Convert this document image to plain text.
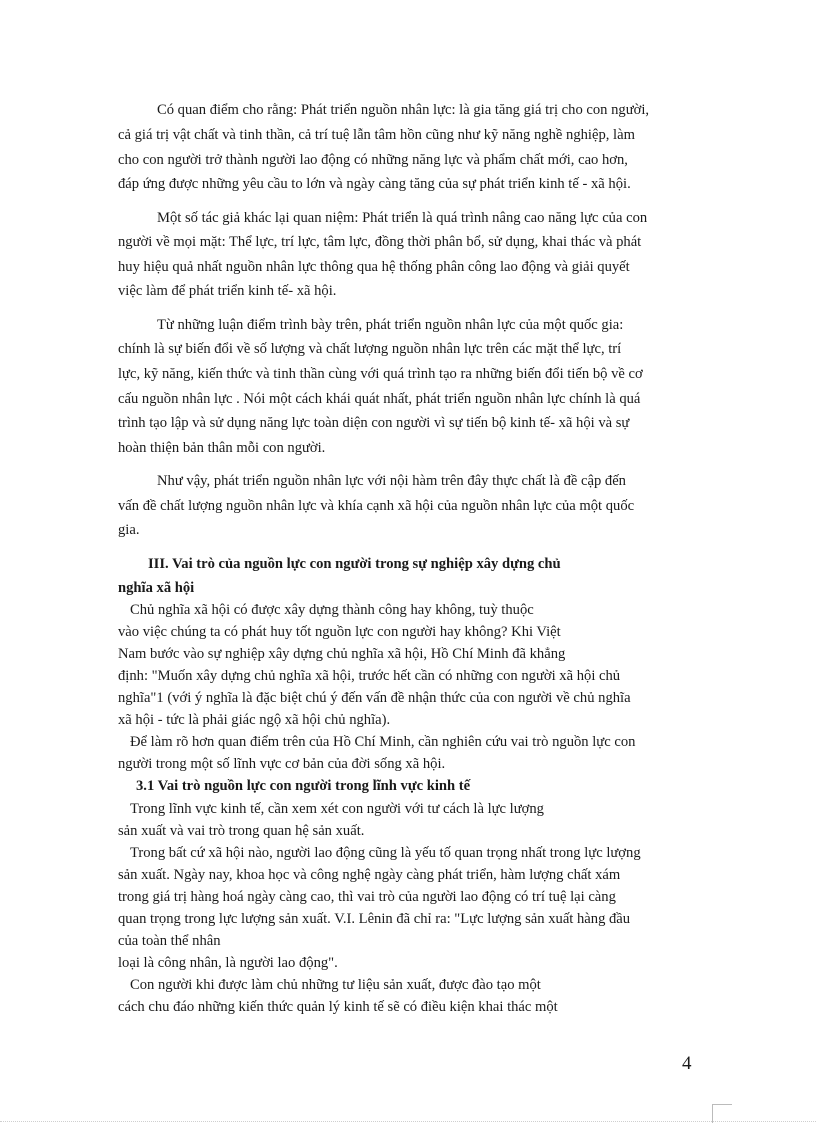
Có quan điểm cho rằng: Phát triển nguồn nhân lực: là gia tăng giá trị cho con người,

cả giá trị vật chất và tinh thần, cả trí tuệ lẫn tâm hồn cũng như kỹ năng nghề nghiệp, làm

cho con người trở thành người lao động có những năng lực và phẩm chất mới, cao hơn,

đáp ứng được những yêu cầu to lớn và ngày càng tăng của sự phát triển kinh tế - xã hội.

Một số tác giả khác lại quan niệm: Phát triển là quá trình nâng cao năng lực của con

người về mọi mặt: Thể lực, trí lực, tâm lực, đồng thời phân bổ, sử dụng, khai thác và phát

huy hiệu quả nhất nguồn nhân lực thông qua hệ thống phân công lao động và giải quyết

việc làm để phát triển kinh tế- xã hội.

Từ những luận điểm trình bày trên, phát triển nguồn nhân lực của một quốc gia:

chính là sự biến đổi về số lượng và chất lượng nguồn nhân lực trên các mặt thể lực, trí

lực, kỹ năng, kiến thức và tinh thần cùng với quá trình tạo ra những biến đổi tiến bộ về cơ

cấu nguồn nhân lực . Nói một cách khái quát nhất, phát triển nguồn nhân lực chính là quá

trình tạo lập và sử dụng năng lực toàn diện con người vì sự tiến bộ kinh tế- xã hội và sự

hoàn thiện bản thân mỗi con người.

Như vậy, phát triển nguồn nhân lực với nội hàm trên đây thực chất là đề cập đến

vấn đề chất lượng nguồn nhân lực và khía cạnh xã hội của nguồn nhân lực của một quốc

gia.

III. Vai trò của nguồn lực con người trong sự nghiệp xây dựng chủ

nghĩa xã hội

Chủ nghĩa xã hội có được xây dựng thành công hay không, tuỳ thuộc

vào việc chúng ta có phát huy tốt nguồn lực con người hay không? Khi Việt

Nam bước vào sự nghiệp xây dựng chủ nghĩa xã hội, Hồ Chí Minh đã khẳng

định: "Muốn xây dựng chủ nghĩa xã hội, trước hết cần có những con người xã hội chủ

nghĩa"1 (với ý nghĩa là đặc biệt chú ý đến vấn đề nhận thức của con người về chủ nghĩa

xã hội - tức là phải giác ngộ xã hội chủ nghĩa).

Để làm rõ hơn quan điểm trên của Hồ Chí Minh, cần nghiên cứu vai trò nguồn lực con

người trong một số lĩnh vực cơ bản của đời sống xã hội.

3.1 Vai trò nguồn lực con người trong lĩnh vực kinh tế

Trong lĩnh vực kinh tế, cần xem xét con người với tư cách là lực lượng

sản xuất và vai trò trong quan hệ sản xuất.

Trong bất cứ xã hội nào, người lao động cũng là yếu tố quan trọng nhất trong lực lượng

sản xuất. Ngày nay, khoa học và công nghệ ngày càng phát triển, hàm lượng chất xám

trong giá trị hàng hoá ngày càng cao, thì vai trò của người lao động có trí tuệ lại càng

quan trọng trong lực lượng sản xuất. V.I. Lênin đã chỉ ra: "Lực lượng sản xuất hàng đầu

của toàn thể nhân

loại là công nhân, là người lao động".

Con người khi được làm chủ những tư liệu sản xuất, được đào tạo một

cách chu đáo những kiến thức quản lý kinh tế sẽ có điều kiện khai thác một

4
